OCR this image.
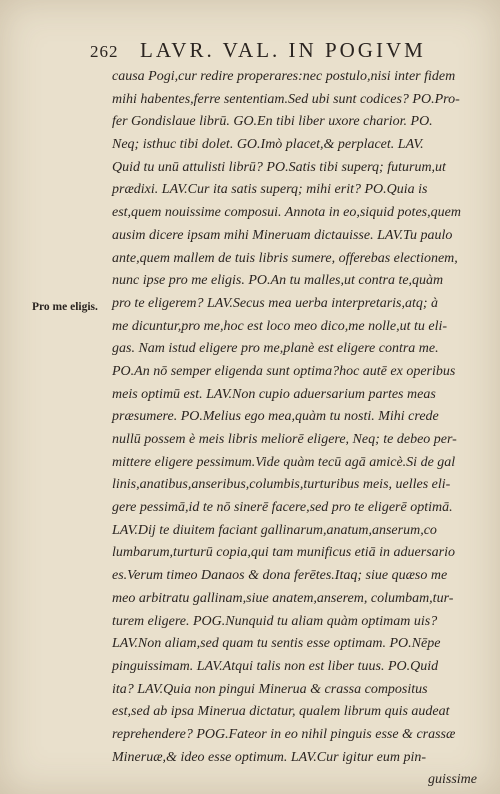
262 LAVR. VAL. IN POGIVM
Pro me eligis.
causa Pogi,cur redire properares:nec postulo,nisi inter fidem
mihi habentes,ferre sententiam.Sed ubi sunt codices? PO.Pro-
fer Gondislaue librū. GO.En tibi liber uxore charior. PO.
Neq; isthuc tibi dolet. GO.Imò placet,& perplacet. LAV.
Quid tu unū attulisti librū? PO.Satis tibi superq; futurum,ut
prædixi. LAV.Cur ita satis superq; mihi erit? PO.Quia is
est,quem nouissime composui. Annota in eo,siquid potes,quem
ausim dicere ipsam mihi Mineruam dictauisse. LAV.Tu paulo
ante,quem mallem de tuis libris sumere, offerebas electionem,
nunc ipse pro me eligis. PO.An tu malles,ut contra te,quàm
pro te eligerem? LAV.Secus mea uerba interpretaris,atq; à
me dicuntur,pro me,hoc est loco meo dico,me nolle,ut tu eli-
gas. Nam istud eligere pro me,planè est eligere contra me.
PO.An nō semper eligenda sunt optima?hoc autē ex operibus
meis optimū est. LAV.Non cupio aduersarium partes meas
præsumere. PO.Melius ego mea,quàm tu nosti. Mihi crede
nullū possem è meis libris meliorē eligere, Neq; te debeo per-
mittere eligere pessimum.Vide quàm tecū agā amicè.Si de gal
linis,anatibus,anseribus,columbis,turturibus meis, uelles eli-
gere pessimā,id te nō sinerē facere,sed pro te eligerē optimā.
LAV.Dij te diuitem faciant gallinarum,anatum,anserum,co
lumbarum,turturū copia,qui tam munificus etiā in aduersario
es.Verum timeo Danaos & dona ferētes.Itaq; siue quæso me
meo arbitratu gallinam,siue anatem,anserem, columbam,tur-
turem eligere. POG.Nunquid tu aliam quàm optimam uis?
LAV.Non aliam,sed quam tu sentis esse optimam. PO.Nēpe
pinguissimam. LAV.Atqui talis non est liber tuus. PO.Quid
ita? LAV.Quia non pingui Minerua & crassa compositus
est,sed ab ipsa Minerua dictatur, qualem librum quis audeat
reprehendere? POG.Fateor in eo nihil pinguis esse & crassæ
Mineruæ,& ideo esse optimum. LAV.Cur igitur eum pin-
guissime
